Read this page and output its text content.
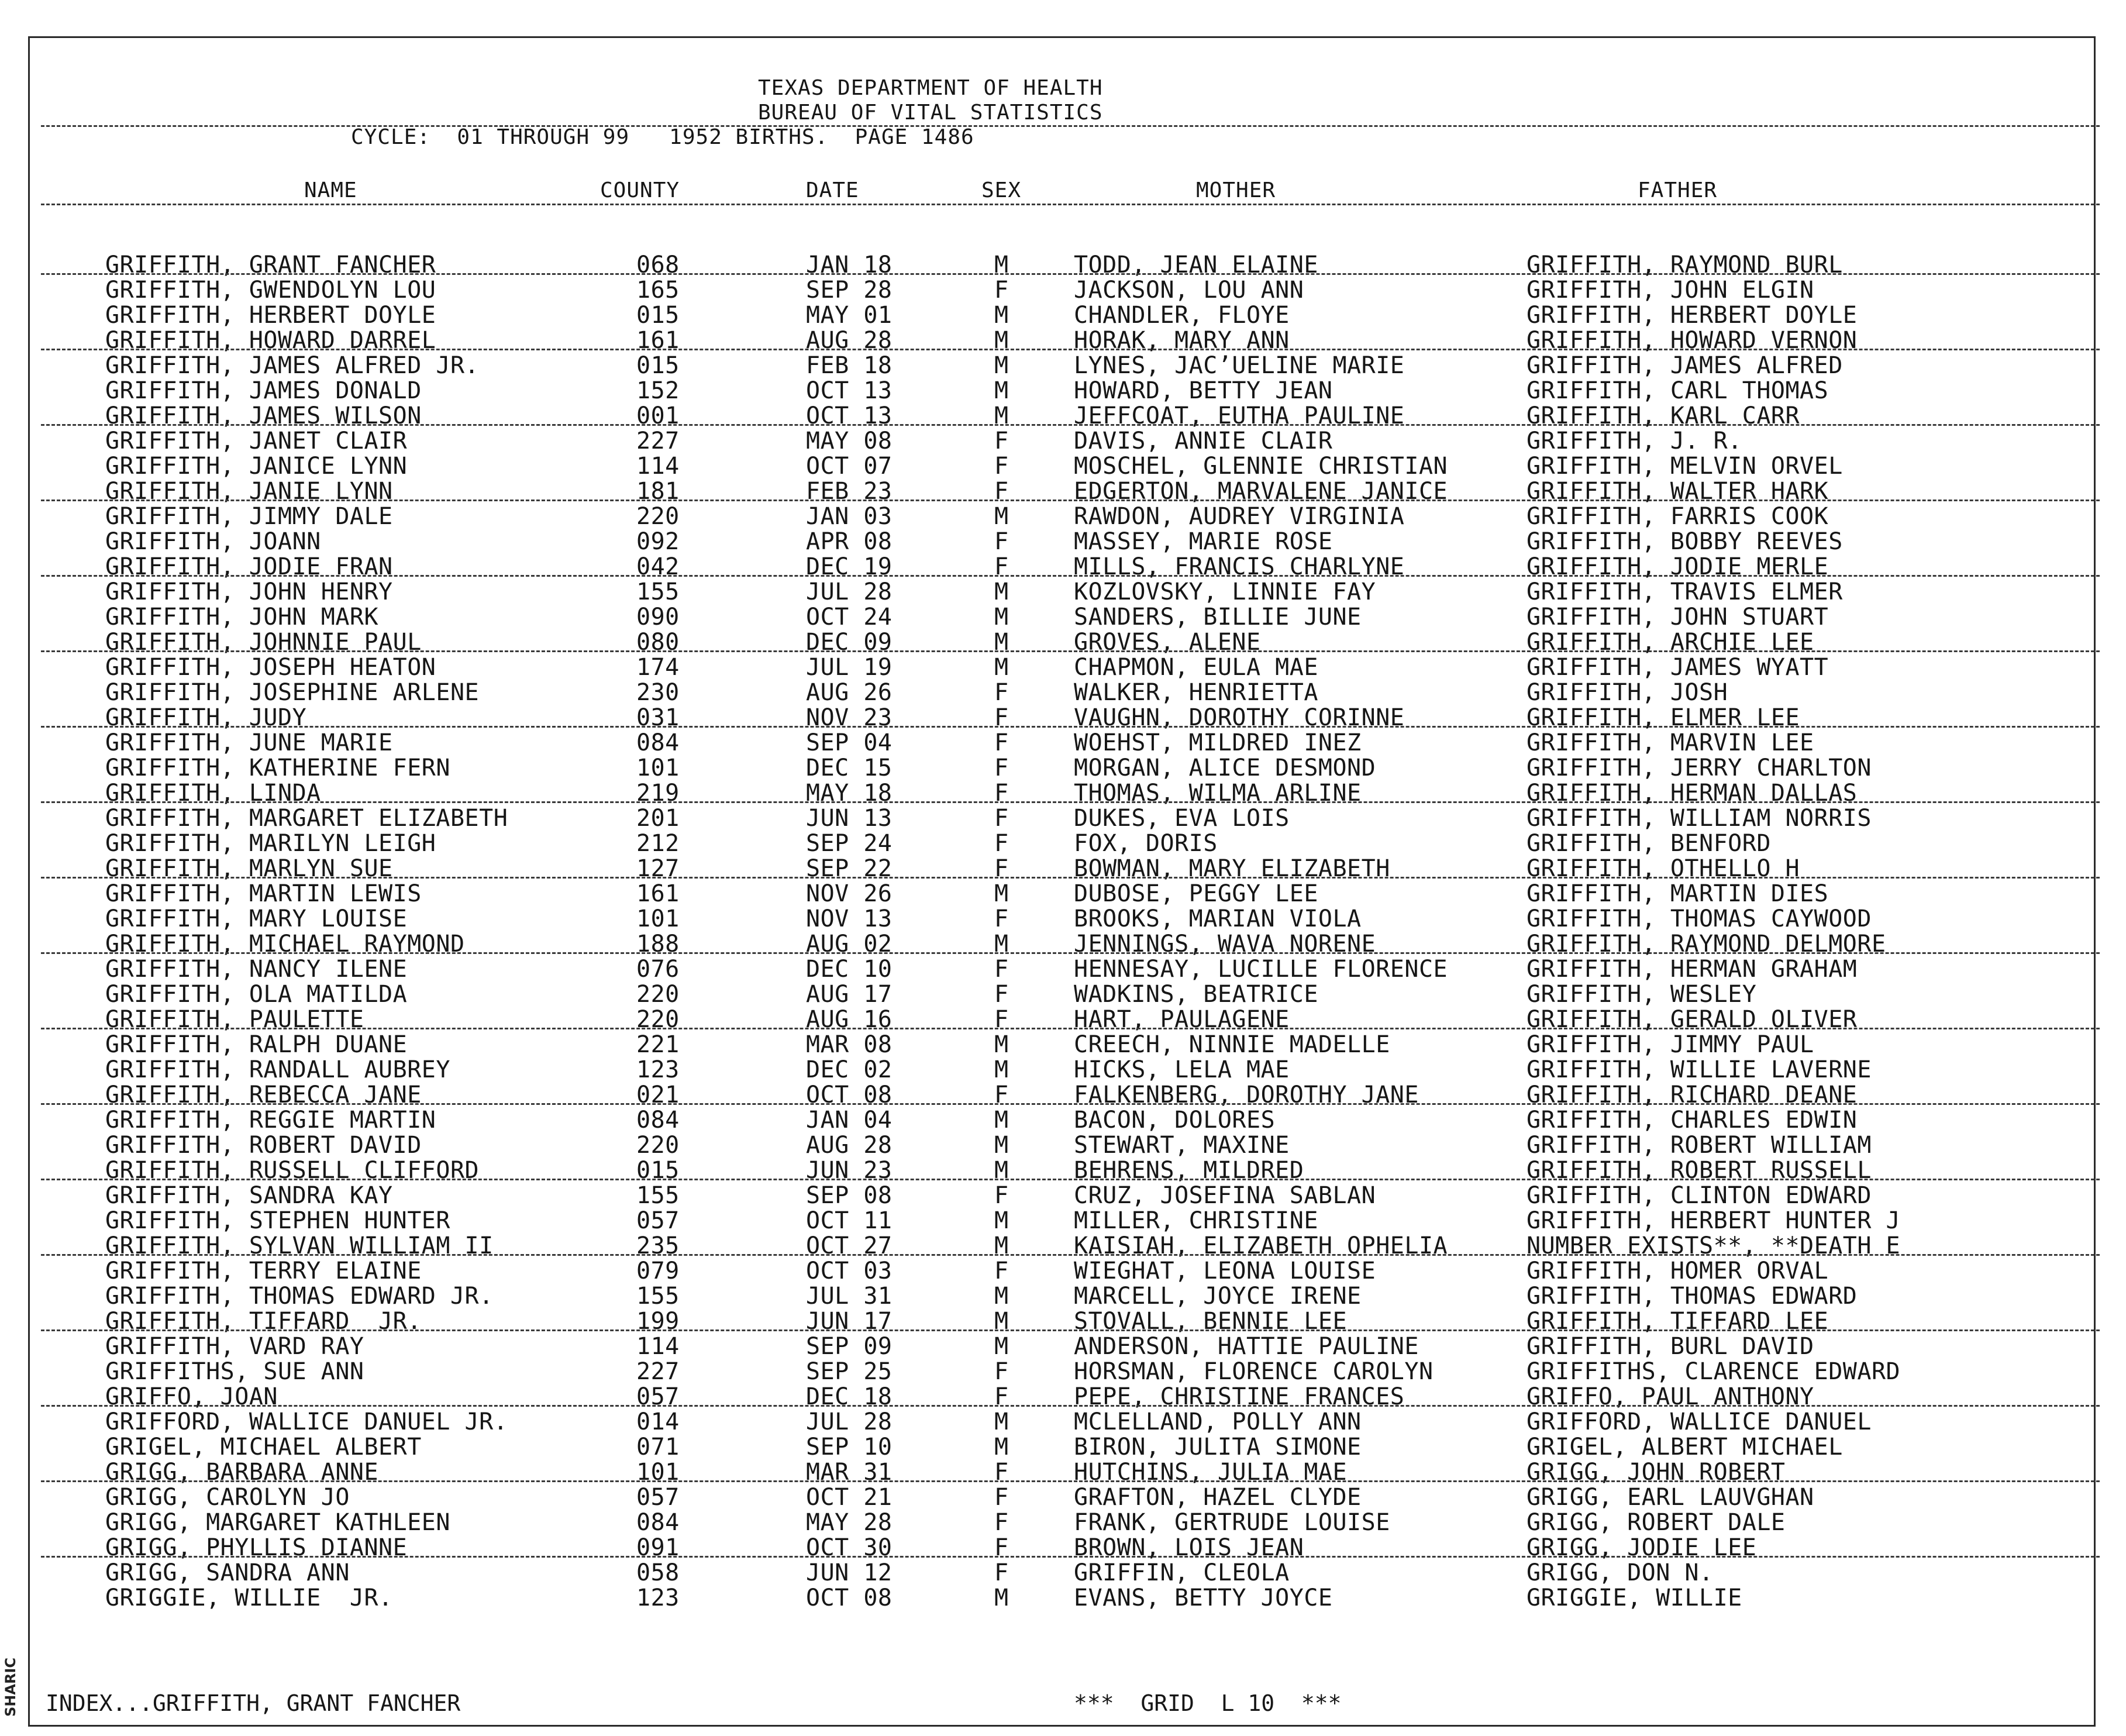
SHARIC
TEXAS DEPARTMENT OF HEALTH
BUREAU OF VITAL STATISTICS
CYCLE:  01 THROUGH 99   1952 BIRTHS.  PAGE 1486
NAME	COUNTY	DATE	SEX	MOTHER	FATHER
GRIFFITH, GRANT FANCHER	068	JAN 18	M	TODD, JEAN ELAINE	GRIFFITH, RAYMOND BURL
GRIFFITH, GWENDOLYN LOU	165	SEP 28	F	JACKSON, LOU ANN	GRIFFITH, JOHN ELGIN
GRIFFITH, HERBERT DOYLE	015	MAY 01	M	CHANDLER, FLOYE	GRIFFITH, HERBERT DOYLE
GRIFFITH, HOWARD DARREL	161	AUG 28	M	HORAK, MARY ANN	GRIFFITH, HOWARD VERNON
GRIFFITH, JAMES ALFRED JR.	015	FEB 18	M	LYNES, JAC’UELINE MARIE	GRIFFITH, JAMES ALFRED
GRIFFITH, JAMES DONALD	152	OCT 13	M	HOWARD, BETTY JEAN	GRIFFITH, CARL THOMAS
GRIFFITH, JAMES WILSON	001	OCT 13	M	JEFFCOAT, EUTHA PAULINE	GRIFFITH, KARL CARR
GRIFFITH, JANET CLAIR	227	MAY 08	F	DAVIS, ANNIE CLAIR	GRIFFITH, J. R.
GRIFFITH, JANICE LYNN	114	OCT 07	F	MOSCHEL, GLENNIE CHRISTIAN	GRIFFITH, MELVIN ORVEL
GRIFFITH, JANIE LYNN	181	FEB 23	F	EDGERTON, MARVALENE JANICE	GRIFFITH, WALTER HARK
GRIFFITH, JIMMY DALE	220	JAN 03	M	RAWDON, AUDREY VIRGINIA	GRIFFITH, FARRIS COOK
GRIFFITH, JOANN	092	APR 08	F	MASSEY, MARIE ROSE	GRIFFITH, BOBBY REEVES
GRIFFITH, JODIE FRAN	042	DEC 19	F	MILLS, FRANCIS CHARLYNE	GRIFFITH, JODIE MERLE
GRIFFITH, JOHN HENRY	155	JUL 28	M	KOZLOVSKY, LINNIE FAY	GRIFFITH, TRAVIS ELMER
GRIFFITH, JOHN MARK	090	OCT 24	M	SANDERS, BILLIE JUNE	GRIFFITH, JOHN STUART
GRIFFITH, JOHNNIE PAUL	080	DEC 09	M	GROVES, ALENE	GRIFFITH, ARCHIE LEE
GRIFFITH, JOSEPH HEATON	174	JUL 19	M	CHAPMON, EULA MAE	GRIFFITH, JAMES WYATT
GRIFFITH, JOSEPHINE ARLENE	230	AUG 26	F	WALKER, HENRIETTA	GRIFFITH, JOSH
GRIFFITH, JUDY	031	NOV 23	F	VAUGHN, DOROTHY CORINNE	GRIFFITH, ELMER LEE
GRIFFITH, JUNE MARIE	084	SEP 04	F	WOEHST, MILDRED INEZ	GRIFFITH, MARVIN LEE
GRIFFITH, KATHERINE FERN	101	DEC 15	F	MORGAN, ALICE DESMOND	GRIFFITH, JERRY CHARLTON
GRIFFITH, LINDA	219	MAY 18	F	THOMAS, WILMA ARLINE	GRIFFITH, HERMAN DALLAS
GRIFFITH, MARGARET ELIZABETH	201	JUN 13	F	DUKES, EVA LOIS	GRIFFITH, WILLIAM NORRIS
GRIFFITH, MARILYN LEIGH	212	SEP 24	F	FOX, DORIS	GRIFFITH, BENFORD
GRIFFITH, MARLYN SUE	127	SEP 22	F	BOWMAN, MARY ELIZABETH	GRIFFITH, OTHELLO H
GRIFFITH, MARTIN LEWIS	161	NOV 26	M	DUBOSE, PEGGY LEE	GRIFFITH, MARTIN DIES
GRIFFITH, MARY LOUISE	101	NOV 13	F	BROOKS, MARIAN VIOLA	GRIFFITH, THOMAS CAYWOOD
GRIFFITH, MICHAEL RAYMOND	188	AUG 02	M	JENNINGS, WAVA NORENE	GRIFFITH, RAYMOND DELMORE
GRIFFITH, NANCY ILENE	076	DEC 10	F	HENNESAY, LUCILLE FLORENCE	GRIFFITH, HERMAN GRAHAM
GRIFFITH, OLA MATILDA	220	AUG 17	F	WADKINS, BEATRICE	GRIFFITH, WESLEY
GRIFFITH, PAULETTE	220	AUG 16	F	HART, PAULAGENE	GRIFFITH, GERALD OLIVER
GRIFFITH, RALPH DUANE	221	MAR 08	M	CREECH, NINNIE MADELLE	GRIFFITH, JIMMY PAUL
GRIFFITH, RANDALL AUBREY	123	DEC 02	M	HICKS, LELA MAE	GRIFFITH, WILLIE LAVERNE
GRIFFITH, REBECCA JANE	021	OCT 08	F	FALKENBERG, DOROTHY JANE	GRIFFITH, RICHARD DEANE
GRIFFITH, REGGIE MARTIN	084	JAN 04	M	BACON, DOLORES	GRIFFITH, CHARLES EDWIN
GRIFFITH, ROBERT DAVID	220	AUG 28	M	STEWART, MAXINE	GRIFFITH, ROBERT WILLIAM
GRIFFITH, RUSSELL CLIFFORD	015	JUN 23	M	BEHRENS, MILDRED	GRIFFITH, ROBERT RUSSELL
GRIFFITH, SANDRA KAY	155	SEP 08	F	CRUZ, JOSEFINA SABLAN	GRIFFITH, CLINTON EDWARD
GRIFFITH, STEPHEN HUNTER	057	OCT 11	M	MILLER, CHRISTINE	GRIFFITH, HERBERT HUNTER J
GRIFFITH, SYLVAN WILLIAM II	235	OCT 27	M	KAISIAH, ELIZABETH OPHELIA	NUMBER EXISTS**, **DEATH E
GRIFFITH, TERRY ELAINE	079	OCT 03	F	WIEGHAT, LEONA LOUISE	GRIFFITH, HOMER ORVAL
GRIFFITH, THOMAS EDWARD JR.	155	JUL 31	M	MARCELL, JOYCE IRENE	GRIFFITH, THOMAS EDWARD
GRIFFITH, TIFFARD  JR.	199	JUN 17	M	STOVALL, BENNIE LEE	GRIFFITH, TIFFARD LEE
GRIFFITH, VARD RAY	114	SEP 09	M	ANDERSON, HATTIE PAULINE	GRIFFITH, BURL DAVID
GRIFFITHS, SUE ANN	227	SEP 25	F	HORSMAN, FLORENCE CAROLYN	GRIFFITHS, CLARENCE EDWARD
GRIFFO, JOAN	057	DEC 18	F	PEPE, CHRISTINE FRANCES	GRIFFO, PAUL ANTHONY
GRIFFORD, WALLICE DANUEL JR.	014	JUL 28	M	MCLELLAND, POLLY ANN	GRIFFORD, WALLICE DANUEL
GRIGEL, MICHAEL ALBERT	071	SEP 10	M	BIRON, JULITA SIMONE	GRIGEL, ALBERT MICHAEL
GRIGG, BARBARA ANNE	101	MAR 31	F	HUTCHINS, JULIA MAE	GRIGG, JOHN ROBERT
GRIGG, CAROLYN JO	057	OCT 21	F	GRAFTON, HAZEL CLYDE	GRIGG, EARL LAUVGHAN
GRIGG, MARGARET KATHLEEN	084	MAY 28	F	FRANK, GERTRUDE LOUISE	GRIGG, ROBERT DALE
GRIGG, PHYLLIS DIANNE	091	OCT 30	F	BROWN, LOIS JEAN	GRIGG, JODIE LEE
GRIGG, SANDRA ANN	058	JUN 12	F	GRIFFIN, CLEOLA	GRIGG, DON N.
GRIGGIE, WILLIE  JR.	123	OCT 08	M	EVANS, BETTY JOYCE	GRIGGIE, WILLIE
INDEX...GRIFFITH, GRANT FANCHER	***  GRID  L 10  ***
